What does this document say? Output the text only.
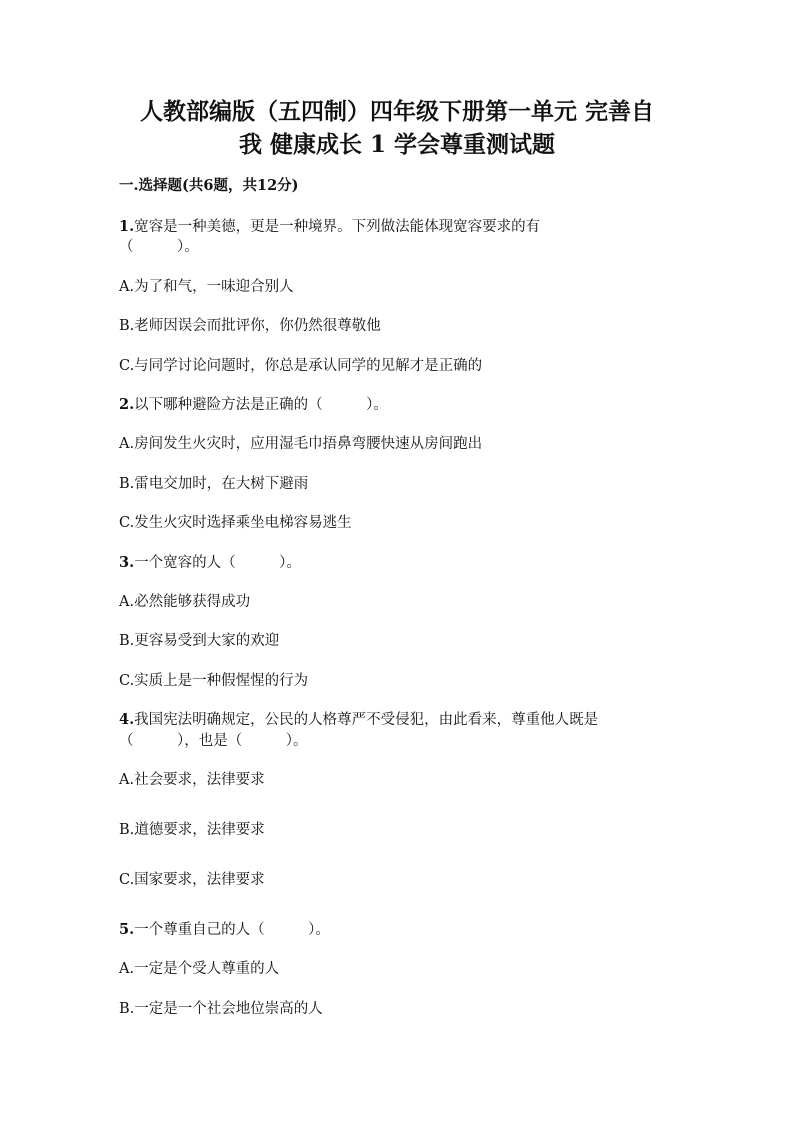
人教部编版（五四制）四年级下册第一单元 完善自
我 健康成长 1 学会尊重测试题
一.选择题(共6题，共12分)
1.宽容是一种美德，更是一种境界。下列做法能体现宽容要求的有
（　　　）。
A.为了和气，一味迎合别人
B.老师因误会而批评你，你仍然很尊敬他
C.与同学讨论问题时，你总是承认同学的见解才是正确的
2.以下哪种避险方法是正确的（　　　）。
A.房间发生火灾时，应用湿毛巾捂鼻弯腰快速从房间跑出
B.雷电交加时，在大树下避雨
C.发生火灾时选择乘坐电梯容易逃生
3.一个宽容的人（　　　）。
A.必然能够获得成功
B.更容易受到大家的欢迎
C.实质上是一种假惺惺的行为
4.我国宪法明确规定，公民的人格尊严不受侵犯，由此看来，尊重他人既是
（　　　），也是（　　　）。
A.社会要求，法律要求
B.道德要求，法律要求
C.国家要求，法律要求
5.一个尊重自己的人（　　　）。
A.一定是个受人尊重的人
B.一定是一个社会地位崇高的人
